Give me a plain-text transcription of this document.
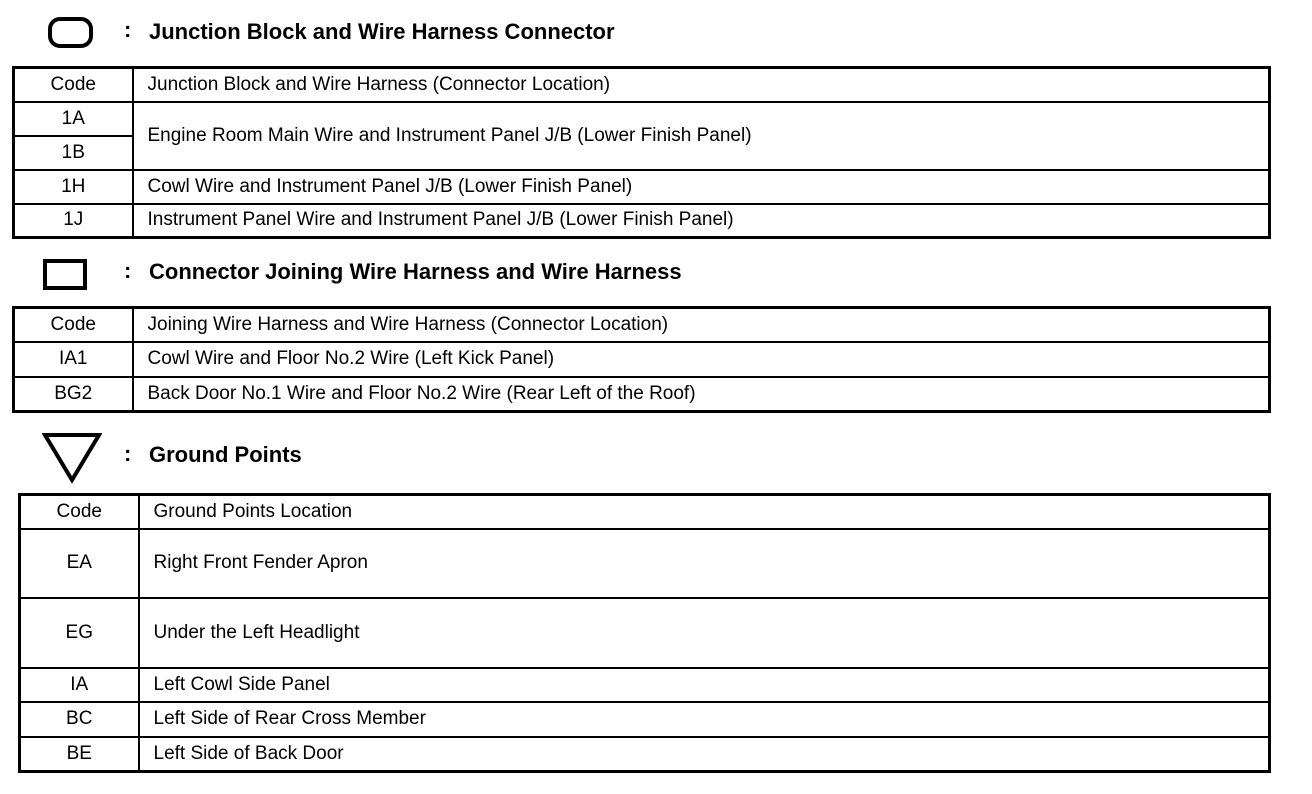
: Junction Block and Wire Harness Connector
Code	Junction Block and Wire Harness (Connector Location)
1A	Engine Room Main Wire and Instrument Panel J/B (Lower Finish Panel)
1B	
1H	Cowl Wire and Instrument Panel J/B (Lower Finish Panel)
1J	Instrument Panel Wire and Instrument Panel J/B (Lower Finish Panel)
: Connector Joining Wire Harness and Wire Harness
Code	Joining Wire Harness and Wire Harness (Connector Location)
IA1	Cowl Wire and Floor No.2 Wire (Left Kick Panel)
BG2	Back Door No.1 Wire and Floor No.2 Wire (Rear Left of the Roof)
: Ground Points
Code	Ground Points Location
EA	Right Front Fender Apron
EG	Under the Left Headlight
IA	Left Cowl Side Panel
BC	Left Side of Rear Cross Member
BE	Left Side of Back Door
